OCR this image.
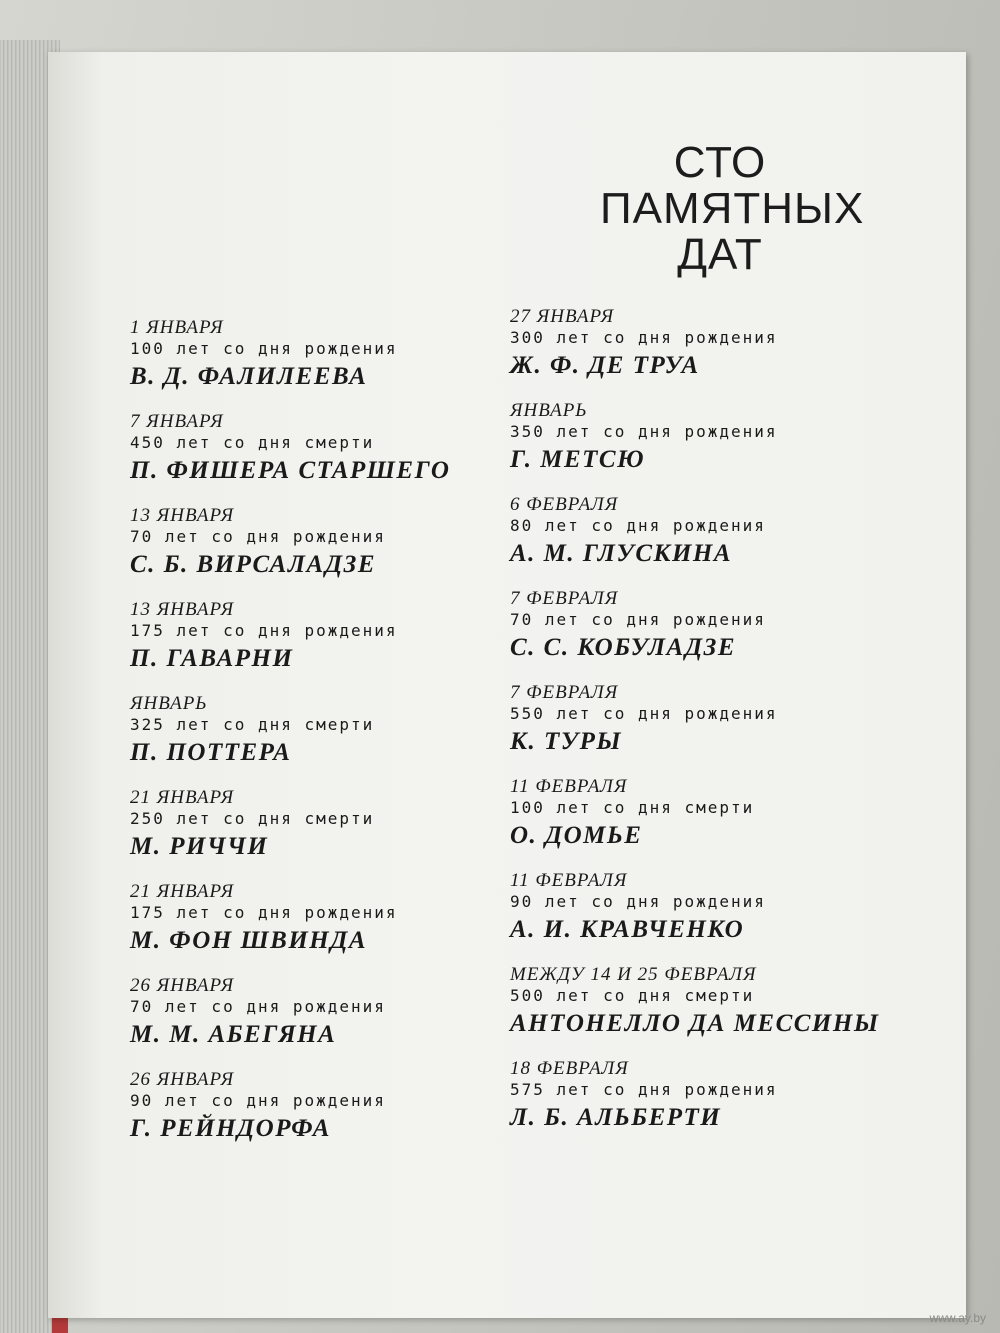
СТО
ПАМЯТНЫХ
ДАТ
1 ЯНВАРЯ
100 лет со дня рождения
В. Д. ФАЛИЛЕЕВА
7 ЯНВАРЯ
450 лет со дня смерти
П. ФИШЕРА СТАРШЕГО
13 ЯНВАРЯ
70 лет со дня рождения
С. Б. ВИРСАЛАДЗЕ
13 ЯНВАРЯ
175 лет со дня рождения
П. ГАВАРНИ
ЯНВАРЬ
325 лет со дня смерти
П. ПОТТЕРА
21 ЯНВАРЯ
250 лет со дня смерти
М. РИЧЧИ
21 ЯНВАРЯ
175 лет со дня рождения
М. ФОН ШВИНДА
26 ЯНВАРЯ
70 лет со дня рождения
М. М. АБЕГЯНА
26 ЯНВАРЯ
90 лет со дня рождения
Г. РЕЙНДОРФА
27 ЯНВАРЯ
300 лет со дня рождения
Ж. Ф. ДЕ ТРУА
ЯНВАРЬ
350 лет со дня рождения
Г. МЕТСЮ
6 ФЕВРАЛЯ
80 лет со дня рождения
А. М. ГЛУСКИНА
7 ФЕВРАЛЯ
70 лет со дня рождения
С. С. КОБУЛАДЗЕ
7 ФЕВРАЛЯ
550 лет со дня рождения
К. ТУРЫ
11 ФЕВРАЛЯ
100 лет со дня смерти
О. ДОМЬЕ
11 ФЕВРАЛЯ
90 лет со дня рождения
А. И. КРАВЧЕНКО
МЕЖДУ 14 И 25 ФЕВРАЛЯ
500 лет со дня смерти
АНТОНЕЛЛО ДА МЕССИНЫ
18 ФЕВРАЛЯ
575 лет со дня рождения
Л. Б. АЛЬБЕРТИ
www.ay.by
